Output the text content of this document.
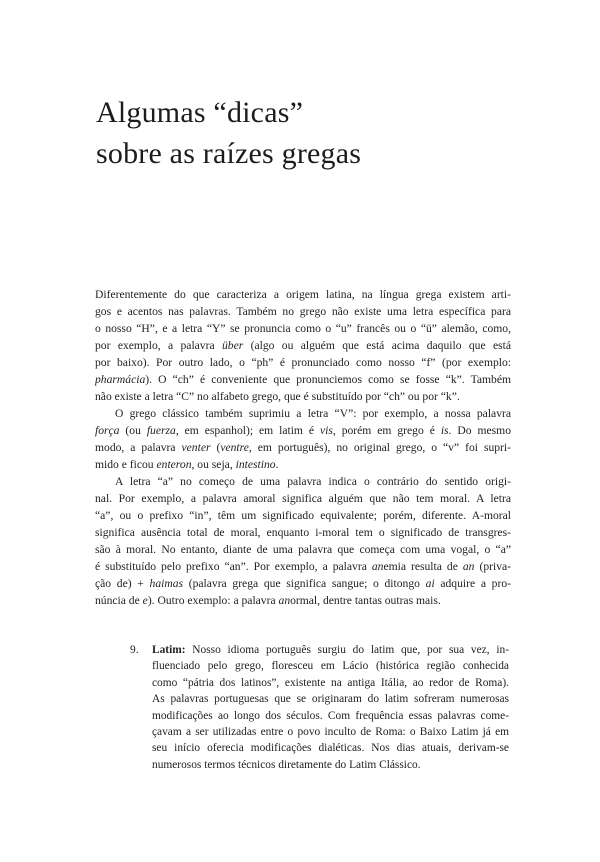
Algumas “dicas”
sobre as raízes gregas
Diferentemente do que caracteriza a origem latina, na língua grega existem arti-
gos e acentos nas palavras. Também no grego não existe uma letra específica para
o nosso “H”, e a letra “Y” se pronuncia como o “u” francês ou o “ü” alemão, como,
por exemplo, a palavra über (algo ou alguém que está acima daquilo que está
por baixo). Por outro lado, o “ph” é pronunciado como nosso “f” (por exemplo:
pharmácia). O “ch” é conveniente que pronunciemos como se fosse “k”. Também
não existe a letra “C” no alfabeto grego, que é substituído por “ch” ou por “k”.
O grego clássico também suprimiu a letra “V”: por exemplo, a nossa palavra
força (ou fuerza, em espanhol); em latim é vis, porém em grego é is. Do mesmo
modo, a palavra venter (ventre, em português), no original grego, o “v” foi supri-
mido e ficou enteron, ou seja, intestino.
A letra “a” no começo de uma palavra indica o contrário do sentido origi-
nal. Por exemplo, a palavra amoral significa alguém que não tem moral. A letra
“a”, ou o prefixo “in”, têm um significado equivalente; porém, diferente. A-moral
significa ausência total de moral, enquanto i-moral tem o significado de transgres-
são à moral. No entanto, diante de uma palavra que começa com uma vogal, o “a”
é substituído pelo prefixo “an”. Por exemplo, a palavra anemia resulta de an (priva-
ção de) + haimas (palavra grega que significa sangue; o ditongo ai adquire a pro-
núncia de e). Outro exemplo: a palavra anormal, dentre tantas outras mais.
9.	Latim: Nosso idioma português surgiu do latim que, por sua vez, in-
fluenciado pelo grego, floresceu em Lácio (histórica região conhecida
como “pátria dos latinos”, existente na antiga Itália, ao redor de Roma).
As palavras portuguesas que se originaram do latim sofreram numerosas
modificações ao longo dos séculos. Com frequência essas palavras come-
çavam a ser utilizadas entre o povo inculto de Roma: o Baixo Latim já em
seu início oferecia modificações dialéticas. Nos dias atuais, derivam-se
numerosos termos técnicos diretamente do Latim Clássico.
